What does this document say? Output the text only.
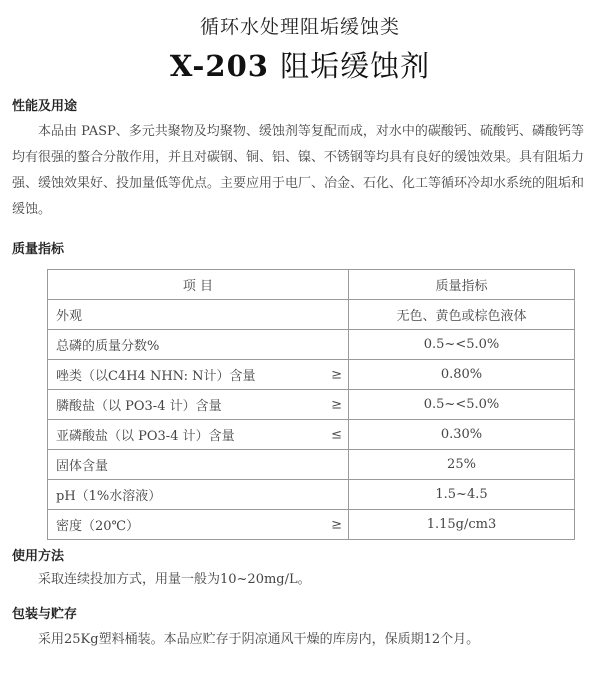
循环水处理阻垢缓蚀类
X-203 阻垢缓蚀剂
性能及用途

本品由 PASP、多元共聚物及均聚物、缓蚀剂等复配而成，对水中的碳酸钙、硫酸钙、磷酸钙等均有很强的螯合分散作用，并且对碳钢、铜、铝、镍、不锈钢等均具有良好的缓蚀效果。具有阻垢力强、缓蚀效果好、投加量低等优点。主要应用于电厂、冶金、石化、化工等循环冷却水系统的阻垢和缓蚀。

质量指标
项 目	质量指标
外观	无色、黄色或棕色液体
总磷的质量分数%	0.5~<5.0%
唑类（以C4H4 NHN: N计）含量 ≥	0.80%
膦酸盐（以 PO3-4 计）含量 ≥	0.5~<5.0%
亚磷酸盐（以 PO3-4 计）含量 ≤	0.30%
固体含量	25%
pH（1%水溶液）	1.5~4.5
密度（20℃） ≥	1.15g/cm3
使用方法

采取连续投加方式，用量一般为10~20mg/L。

包装与贮存

采用25Kg塑料桶装。本品应贮存于阴凉通风干燥的库房内，保质期12个月。
